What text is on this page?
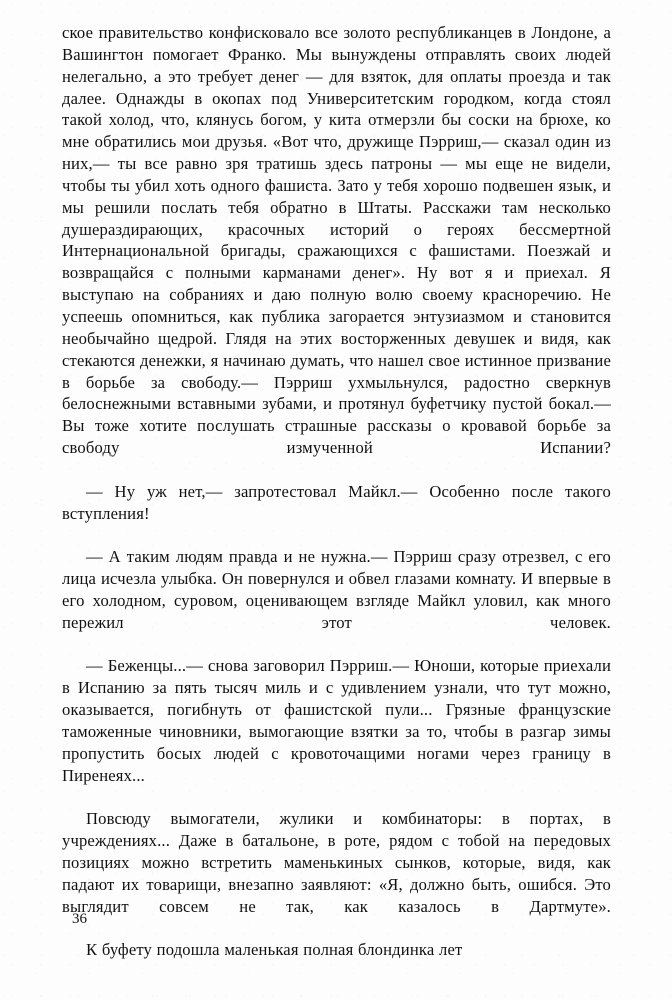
ское правительство конфисковало все золото республиканцев в Лондоне, а Вашингтон помогает Франко. Мы вынуждены отправлять своих людей нелегально, а это требует денег — для взяток, для оплаты проезда и так далее. Однажды в окопах под Университетским городком, когда стоял такой холод, что, клянусь богом, у кита отмерзли бы соски на брюхе, ко мне обратились мои друзья. «Вот что, дружище Пэрриш,— сказал один из них,— ты все равно зря тратишь здесь патроны — мы еще не видели, чтобы ты убил хоть одного фашиста. Зато у тебя хорошо подвешен язык, и мы решили послать тебя обратно в Штаты. Расскажи там несколько душераздирающих, красочных историй о героях бессмертной Интернациональной бригады, сражающихся с фашистами. Поезжай и возвращайся с полными карманами денег». Ну вот я и приехал. Я выступаю на собраниях и даю полную волю своему красноречию. Не успеешь опомниться, как публика загорается энтузиазмом и становится необычайно щедрой. Глядя на этих восторженных девушек и видя, как стекаются денежки, я начинаю думать, что нашел свое истинное призвание в борьбе за свободу.— Пэрриш ухмыльнулся, радостно сверкнув белоснежными вставными зубами, и протянул буфетчику пустой бокал.— Вы тоже хотите послушать страшные рассказы о кровавой борьбе за свободу измученной Испании?

— Ну уж нет,— запротестовал Майкл.— Особенно после такого вступления!

— А таким людям правда и не нужна.— Пэрриш сразу отрезвел, с его лица исчезла улыбка. Он повернулся и обвел глазами комнату. И впервые в его холодном, суровом, оценивающем взгляде Майкл уловил, как много пережил этот человек.

— Беженцы...— снова заговорил Пэрриш.— Юноши, которые приехали в Испанию за пять тысяч миль и с удивлением узнали, что тут можно, оказывается, погибнуть от фашистской пули... Грязные французские таможенные чиновники, вымогающие взятки за то, чтобы в разгар зимы пропустить босых людей с кровоточащими ногами через границу в Пиренеях...

Повсюду вымогатели, жулики и комбинаторы: в портах, в учреждениях... Даже в батальоне, в роте, рядом с тобой на передовых позициях можно встретить маменькиных сынков, которые, видя, как падают их товарищи, внезапно заявляют: «Я, должно быть, ошибся. Это выглядит совсем не так, как казалось в Дартмуте».

К буфету подошла маленькая полная блондинка лет

36
